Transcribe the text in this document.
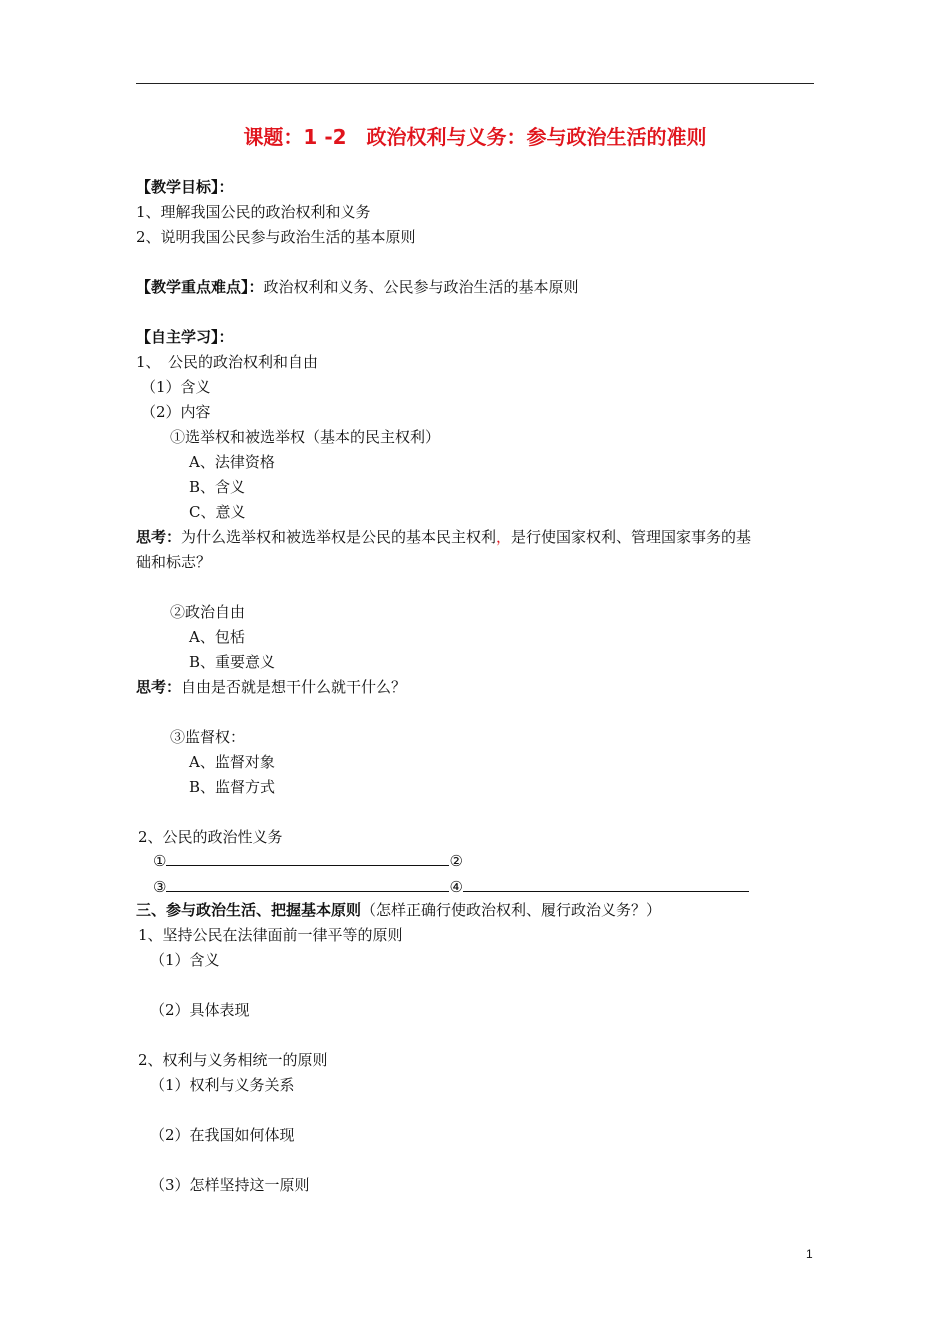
课题：1 -2　政治权利与义务：参与政治生活的准则
【教学目标】：
1、理解我国公民的政治权利和义务
2、说明我国公民参与政治生活的基本原则
【教学重点难点】：政治权利和义务、公民参与政治生活的基本原则
【自主学习】：
1、　公民的政治权利和自由
（1）含义
（2）内容
①选举权和被选举权（基本的民主权利）
A、法律资格
B、含义
C、意义
思考：为什么选举权和被选举权是公民的基本民主权利，是行使国家权利、管理国家事务的基
础和标志？
②政治自由
A、包栝
B、重要意义
思考：自由是否就是想干什么就干什么？
③监督权：
A、监督对象
B、监督方式
2、公民的政治性义务
①	②
③	④
三、参与政治生活、把握基本原则（怎样正确行使政治权利、履行政治义务？）
1、坚持公民在法律面前一律平等的原则
（1）含义
（2）具体表现
2、权利与义务相统一的原则
（1）权利与义务关系
（2）在我国如何体现
（3）怎样坚持这一原则
1
